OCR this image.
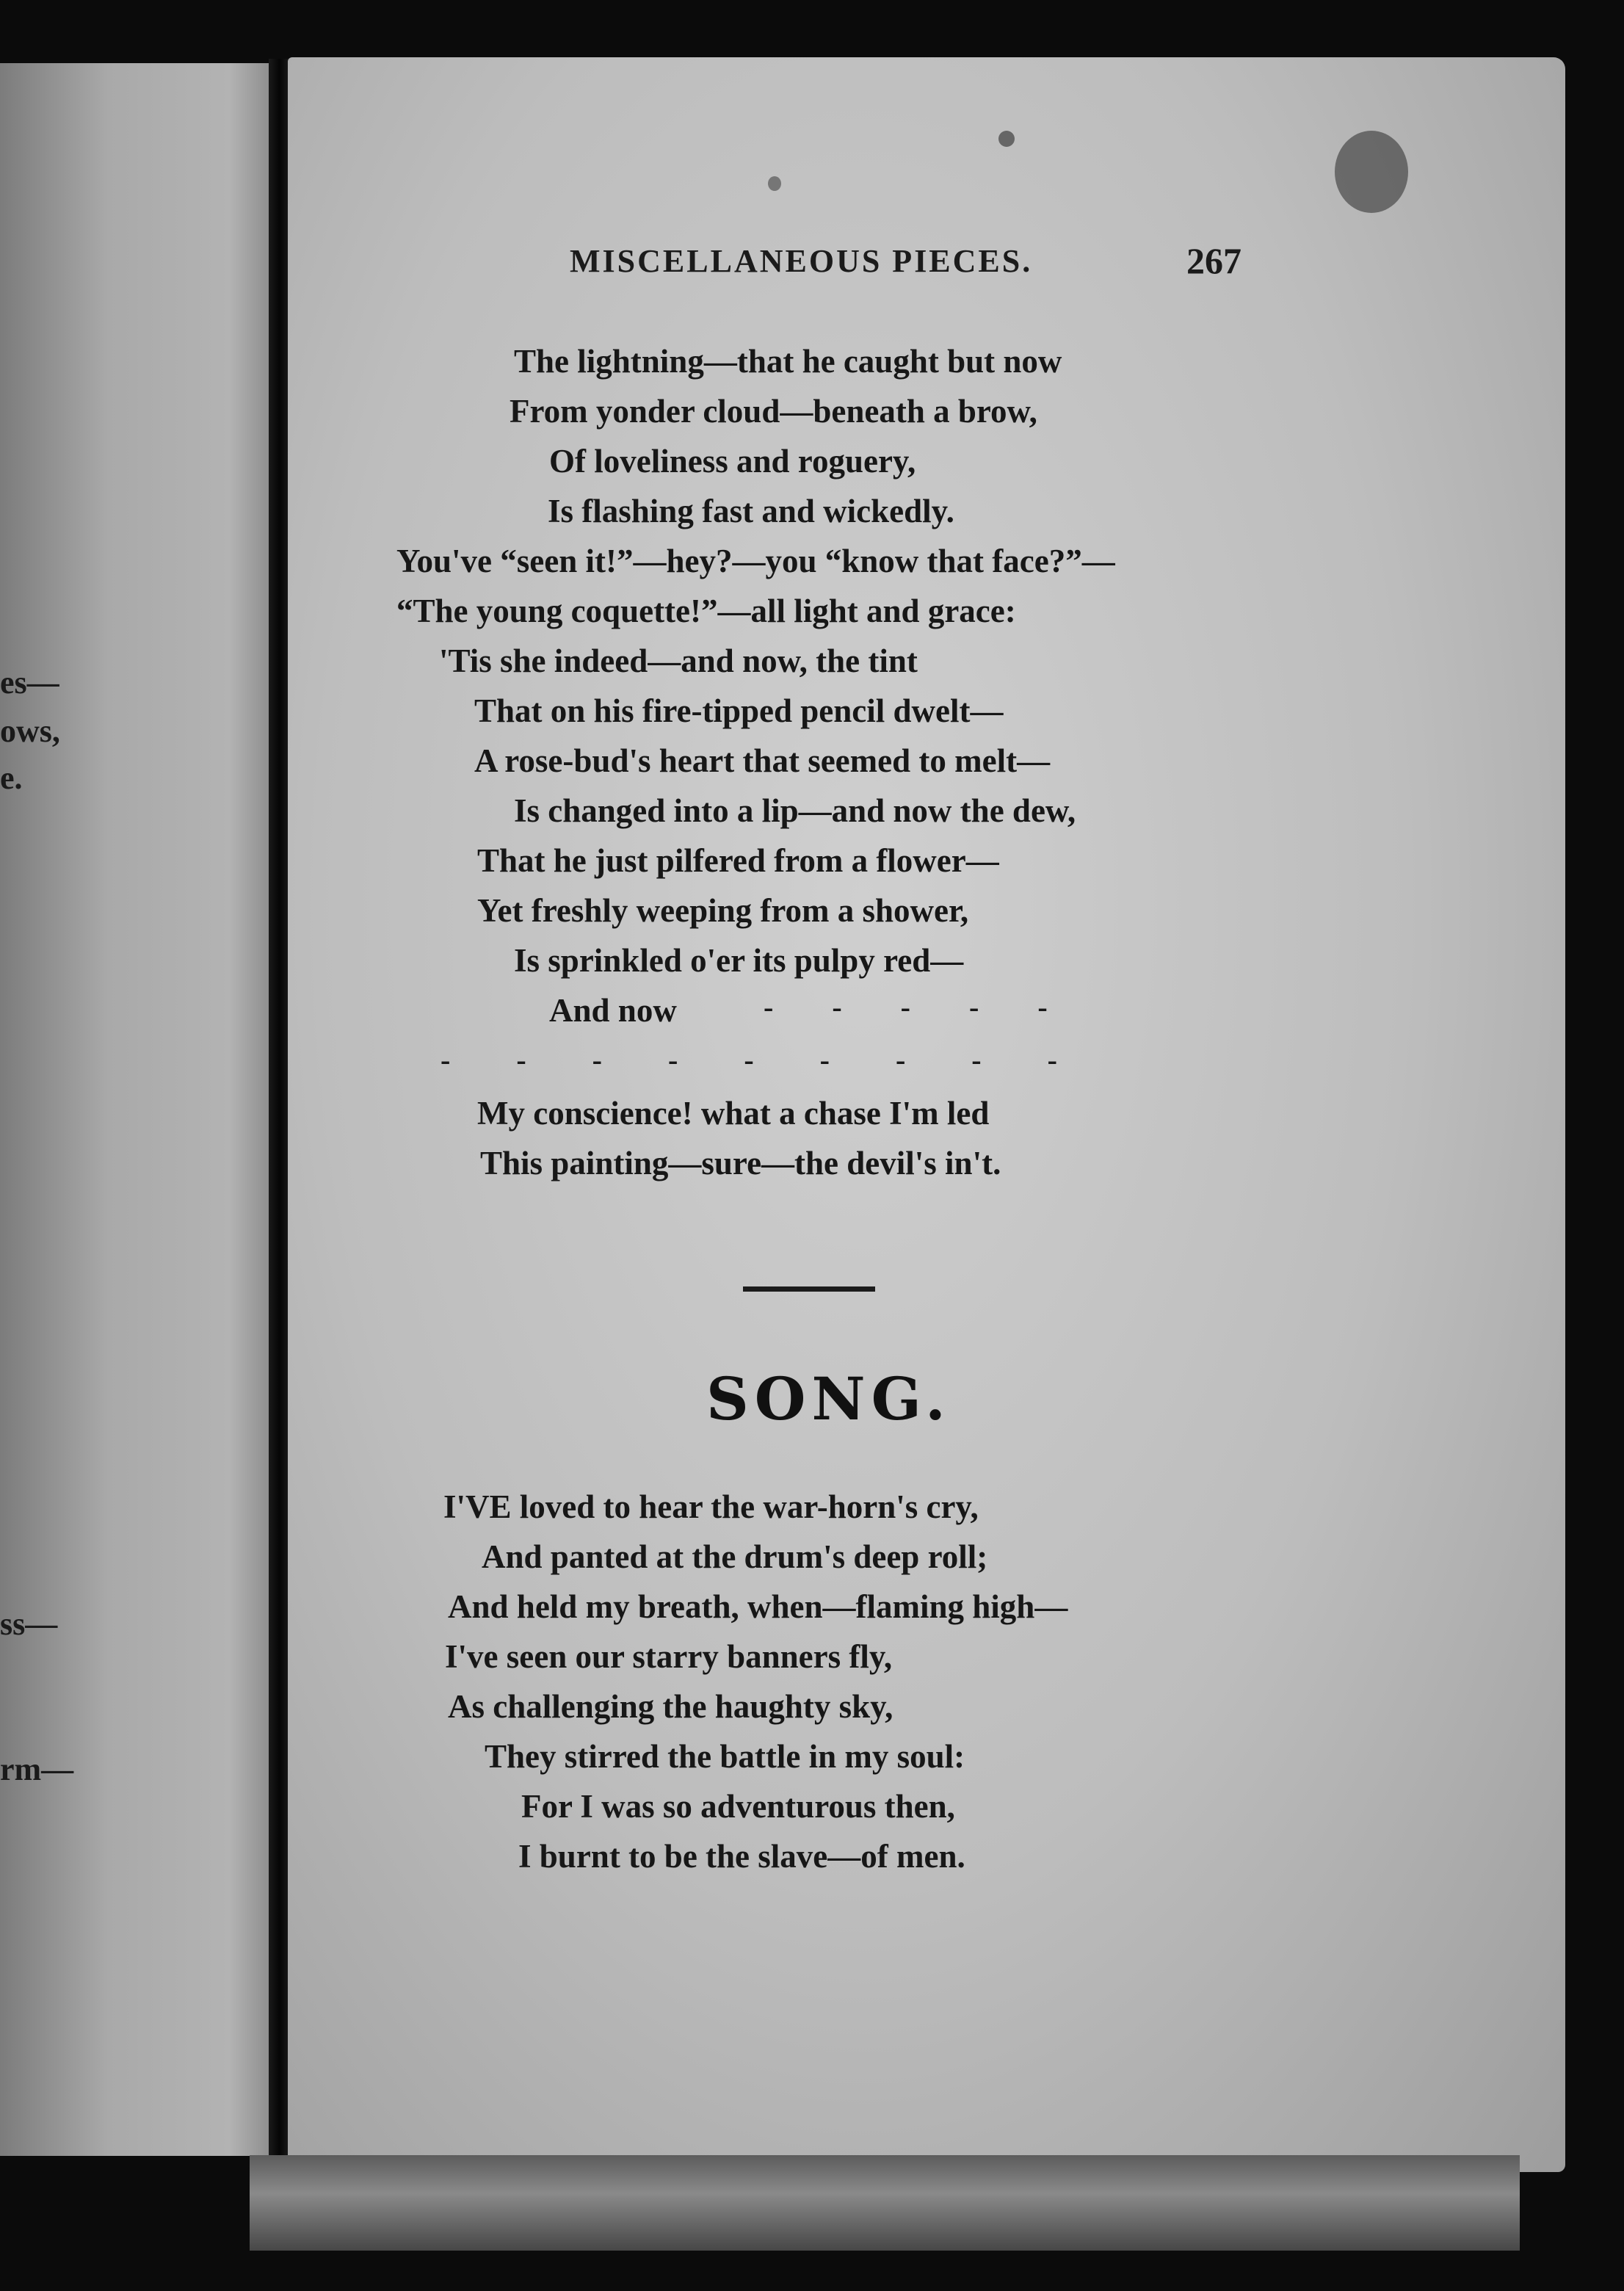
es—
ows,
e.
ss—
rm—
MISCELLANEOUS PIECES.	267
The lightning—that he caught but now
From yonder cloud—beneath a brow,
Of loveliness and roguery,
Is flashing fast and wickedly.
You've “seen it!”—hey?—you “know that face?”—
“The young coquette!”—all light and grace:
'Tis she indeed—and now, the tint
That on his fire-tipped pencil dwelt—
A rose-bud's heart that seemed to melt—
Is changed into a lip—and now the dew,
That he just pilfered from a flower—
Yet freshly weeping from a shower,
Is sprinkled o'er its pulpy red—
And now	- - - - -
- - - - - - - - -
My conscience! what a chase I'm led
This painting—sure—the devil's in't.
SONG.
I'VE loved to hear the war-horn's cry,
And panted at the drum's deep roll;
And held my breath, when—flaming high—
I've seen our starry banners fly,
As challenging the haughty sky,
They stirred the battle in my soul:
For I was so adventurous then,
I burnt to be the slave—of men.
